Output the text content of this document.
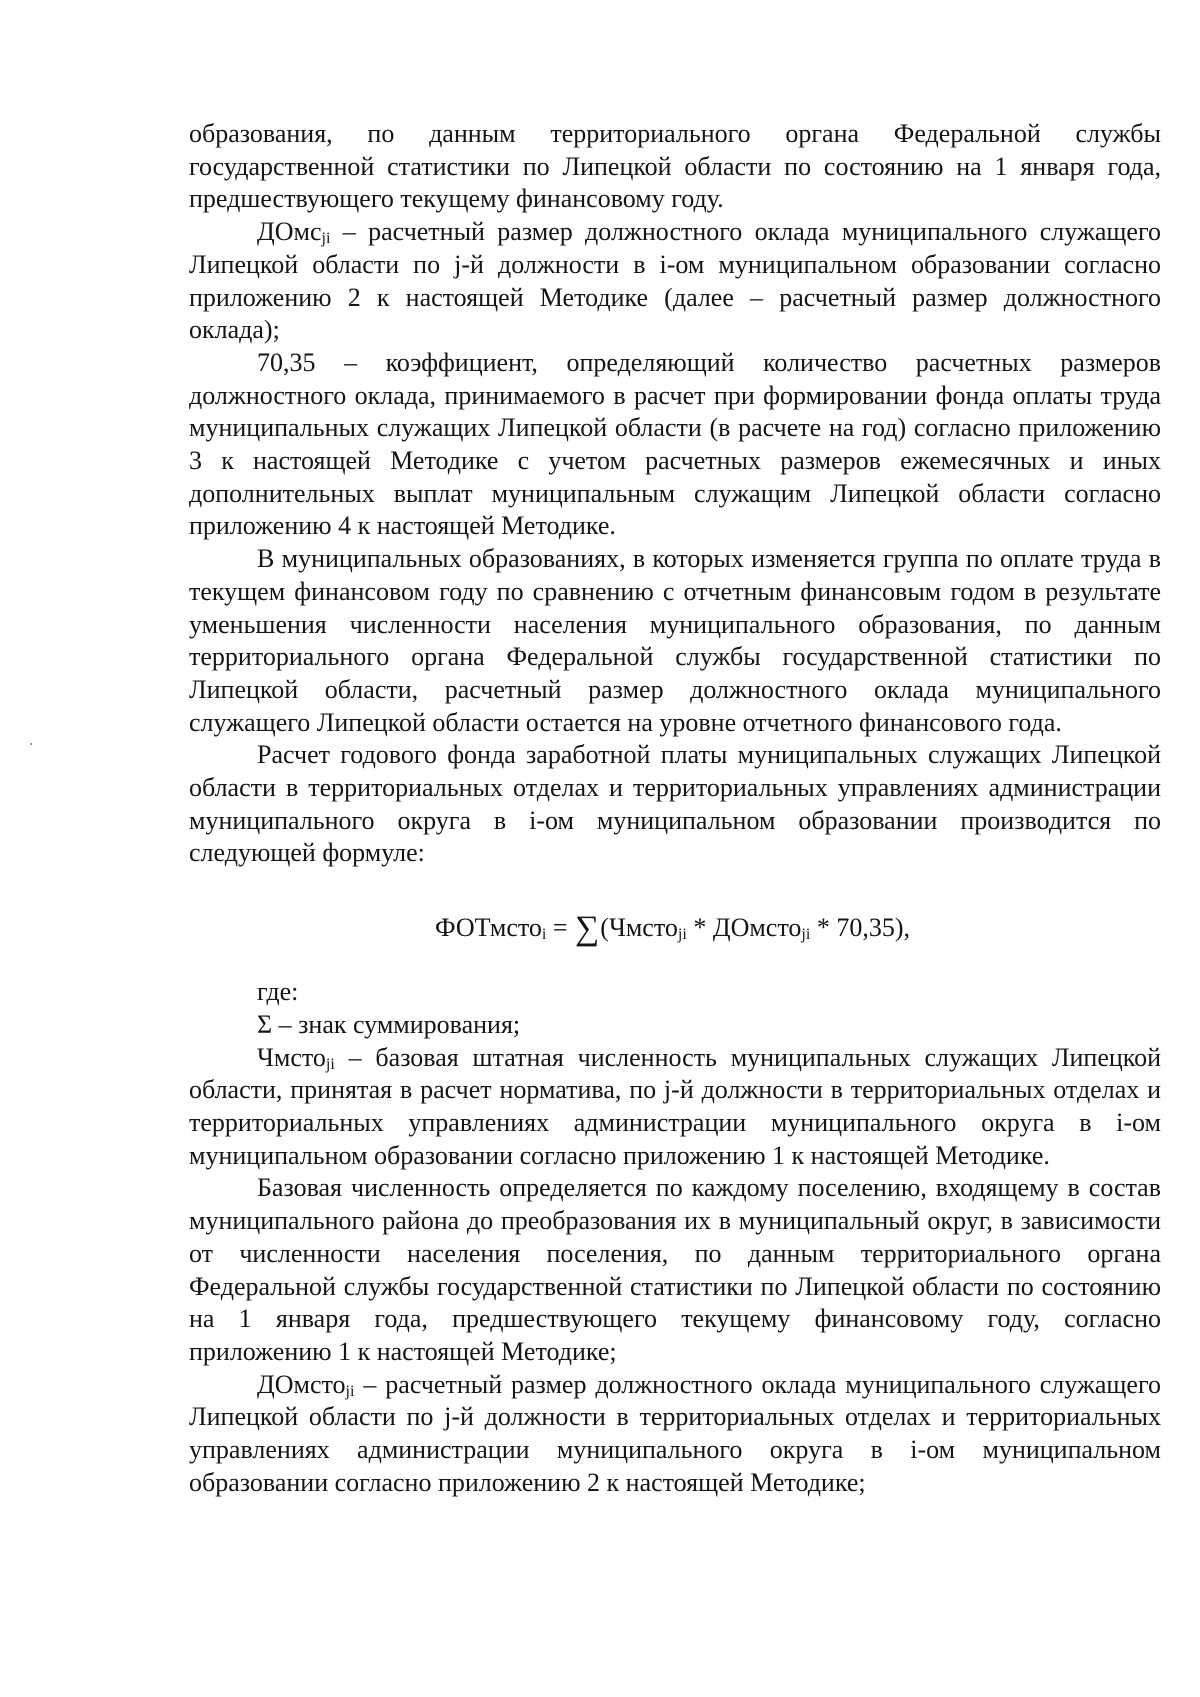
образования, по данным территориального органа Федеральной службы государственной статистики по Липецкой области по состоянию на 1 января года, предшествующего текущему финансовому году.

ДОмс$_{ji}$ – расчетный размер должностного оклада муниципального служащего Липецкой области по j-й должности в i-ом муниципальном образовании согласно приложению 2 к настоящей Методике (далее – расчетный размер должностного оклада);

70,35 – коэффициент, определяющий количество расчетных размеров должностного оклада, принимаемого в расчет при формировании фонда оплаты труда муниципальных служащих Липецкой области (в расчете на год) согласно приложению 3 к настоящей Методике с учетом расчетных размеров ежемесячных и иных дополнительных выплат муниципальным служащим Липецкой области согласно приложению 4 к настоящей Методике.

В муниципальных образованиях, в которых изменяется группа по оплате труда в текущем финансовом году по сравнению с отчетным финансовым годом в результате уменьшения численности населения муниципального образования, по данным территориального органа Федеральной службы государственной статистики по Липецкой области, расчетный размер должностного оклада муниципального служащего Липецкой области остается на уровне отчетного финансового года.

Расчет годового фонда заработной платы муниципальных служащих Липецкой области в территориальных отделах и территориальных управлениях администрации муниципального округа в i-ом муниципальном образовании производится по следующей формуле:

ФОТмсто$_i$ = ∑(Чмсто$_{ji}$ * ДОмсто$_{ji}$ * 70,35),

где:

Σ – знак суммирования;

Чмсто$_{ji}$ – базовая штатная численность муниципальных служащих Липецкой области, принятая в расчет норматива, по j-й должности в территориальных отделах и территориальных управлениях администрации муниципального округа в i-ом муниципальном образовании согласно приложению 1 к настоящей Методике.

Базовая численность определяется по каждому поселению, входящему в состав муниципального района до преобразования их в муниципальный округ, в зависимости от численности населения поселения, по данным территориального органа Федеральной службы государственной статистики по Липецкой области по состоянию на 1 января года, предшествующего текущему финансовому году, согласно приложению 1 к настоящей Методике;

ДОмсто$_{ji}$ – расчетный размер должностного оклада муниципального служащего Липецкой области по j-й должности в территориальных отделах и территориальных управлениях администрации муниципального округа в i-ом муниципальном образовании согласно приложению 2 к настоящей Методике;
